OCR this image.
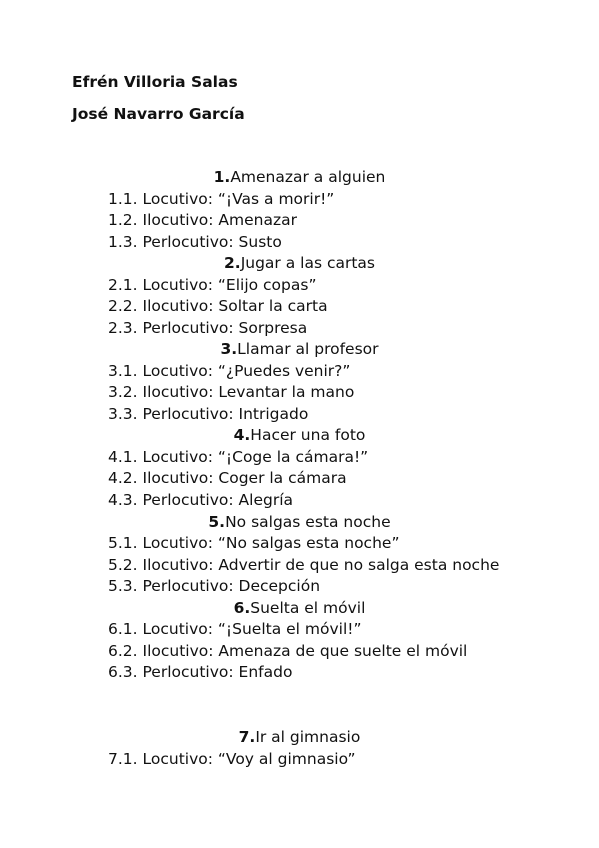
Efrén Villoria Salas
José Navarro García
1.Amenazar a alguien
1.1. Locutivo: “¡Vas a morir!”
1.2. Ilocutivo: Amenazar
1.3. Perlocutivo: Susto
2.Jugar a las cartas
2.1. Locutivo: “Elijo copas”
2.2. Ilocutivo: Soltar la carta
2.3. Perlocutivo: Sorpresa
3.Llamar al profesor
3.1. Locutivo: “¿Puedes venir?”
3.2. Ilocutivo: Levantar la mano
3.3. Perlocutivo: Intrigado
4.Hacer una foto
4.1. Locutivo: “¡Coge la cámara!”
4.2. Ilocutivo: Coger la cámara
4.3. Perlocutivo: Alegría
5.No salgas esta noche
5.1. Locutivo: “No salgas esta noche”
5.2. Ilocutivo: Advertir de que no salga esta noche
5.3. Perlocutivo: Decepción
6.Suelta el móvil
6.1. Locutivo: “¡Suelta el móvil!”
6.2. Ilocutivo: Amenaza de que suelte el móvil
6.3. Perlocutivo: Enfado
7.Ir al gimnasio
7.1. Locutivo: “Voy al gimnasio”
